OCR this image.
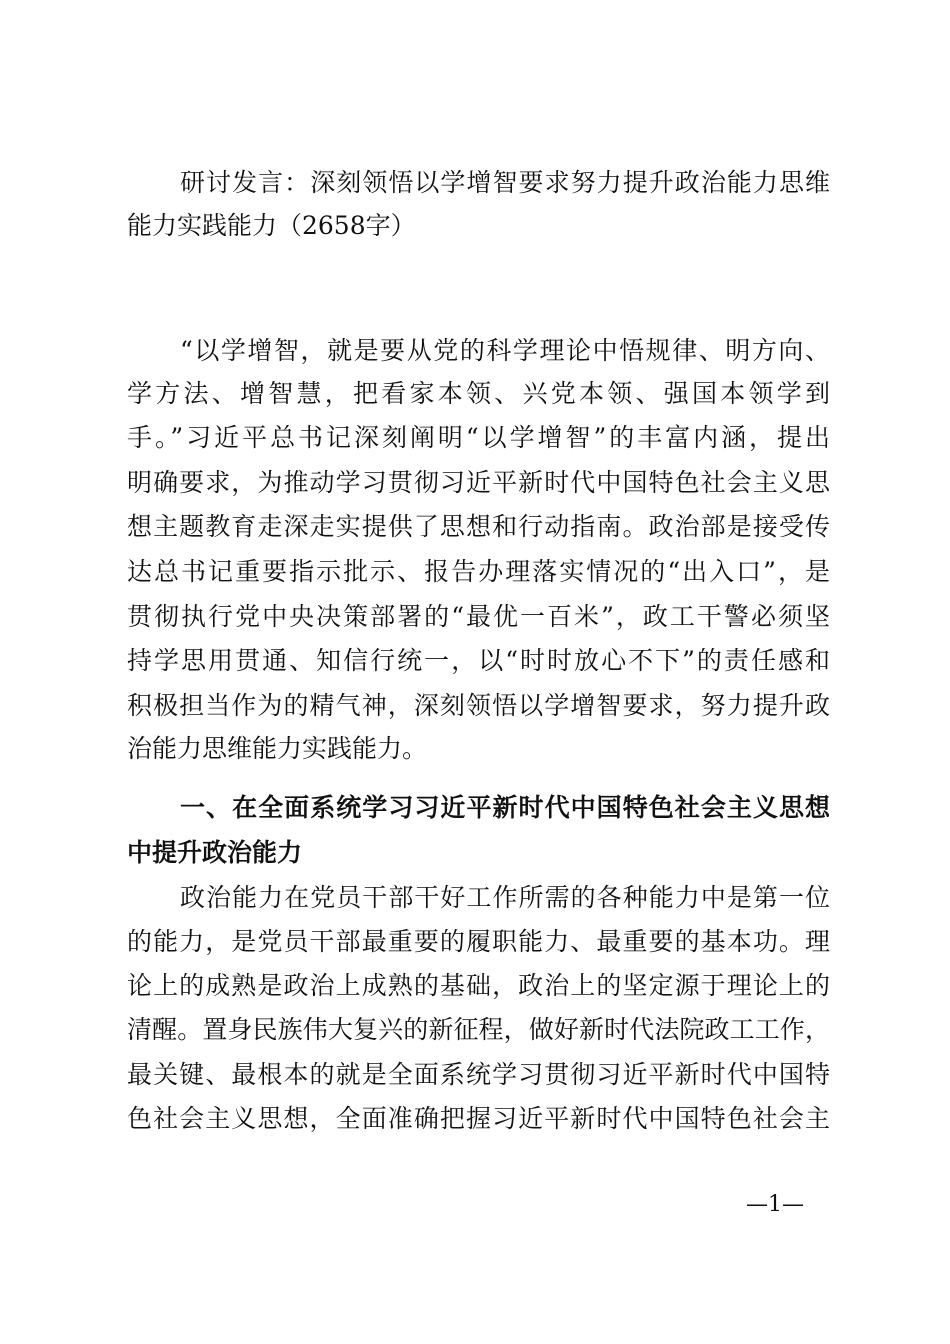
研讨发言：深刻领悟以学增智要求努力提升政治能力思维
能力实践能力（2658字）
“以学增智，就是要从党的科学理论中悟规律、明方向、
学方法、增智慧，把看家本领、兴党本领、强国本领学到
手。”习近平总书记深刻阐明“以学增智”的丰富内涵，提出
明确要求，为推动学习贯彻习近平新时代中国特色社会主义思
想主题教育走深走实提供了思想和行动指南。政治部是接受传
达总书记重要指示批示、报告办理落实情况的“出入口”，是
贯彻执行党中央决策部署的“最优一百米”，政工干警必须坚
持学思用贯通、知信行统一，以“时时放心不下”的责任感和
积极担当作为的精气神，深刻领悟以学增智要求，努力提升政
治能力思维能力实践能力。
一、在全面系统学习习近平新时代中国特色社会主义思想
中提升政治能力
政治能力在党员干部干好工作所需的各种能力中是第一位
的能力，是党员干部最重要的履职能力、最重要的基本功。理
论上的成熟是政治上成熟的基础，政治上的坚定源于理论上的
清醒。置身民族伟大复兴的新征程，做好新时代法院政工工作，
最关键、最根本的就是全面系统学习贯彻习近平新时代中国特
色社会主义思想，全面准确把握习近平新时代中国特色社会主
—1—
